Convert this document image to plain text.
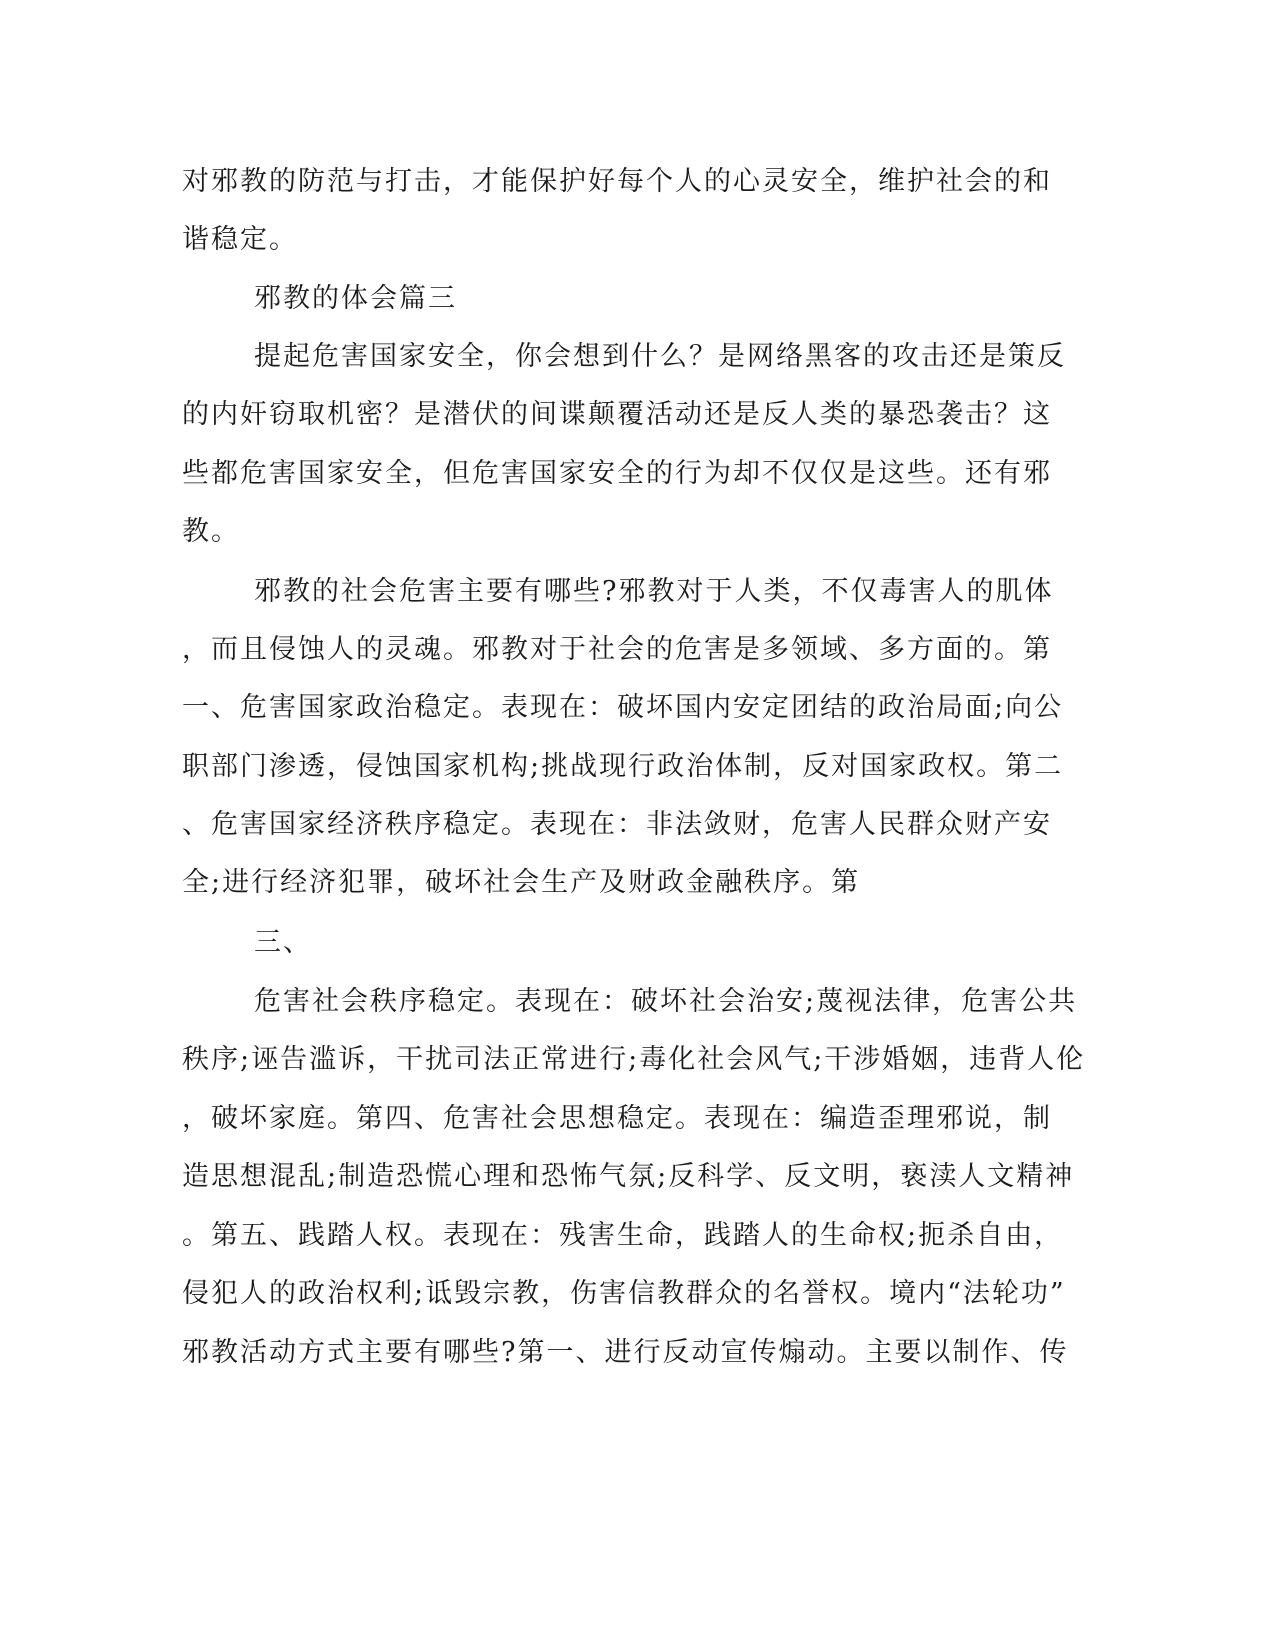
对邪教的防范与打击，才能保护好每个人的心灵安全，维护社会的和

谐稳定。

邪教的体会篇三

提起危害国家安全，你会想到什么？是网络黑客的攻击还是策反

的内奸窃取机密？是潜伏的间谍颠覆活动还是反人类的暴恐袭击？这

些都危害国家安全，但危害国家安全的行为却不仅仅是这些。还有邪

教。

邪教的社会危害主要有哪些?邪教对于人类，不仅毒害人的肌体

，而且侵蚀人的灵魂。邪教对于社会的危害是多领域、多方面的。第

一、危害国家政治稳定。表现在：破坏国内安定团结的政治局面;向公

职部门渗透，侵蚀国家机构;挑战现行政治体制，反对国家政权。第二

、危害国家经济秩序稳定。表现在：非法敛财，危害人民群众财产安

全;进行经济犯罪，破坏社会生产及财政金融秩序。第

三、

危害社会秩序稳定。表现在：破坏社会治安;蔑视法律，危害公共

秩序;诬告滥诉，干扰司法正常进行;毒化社会风气;干涉婚姻，违背人伦

，破坏家庭。第四、危害社会思想稳定。表现在：编造歪理邪说，制

造思想混乱;制造恐慌心理和恐怖气氛;反科学、反文明，亵渎人文精神

。第五、践踏人权。表现在：残害生命，践踏人的生命权;扼杀自由，

侵犯人的政治权利;诋毁宗教，伤害信教群众的名誉权。境内“法轮功”

邪教活动方式主要有哪些?第一、进行反动宣传煽动。主要以制作、传
